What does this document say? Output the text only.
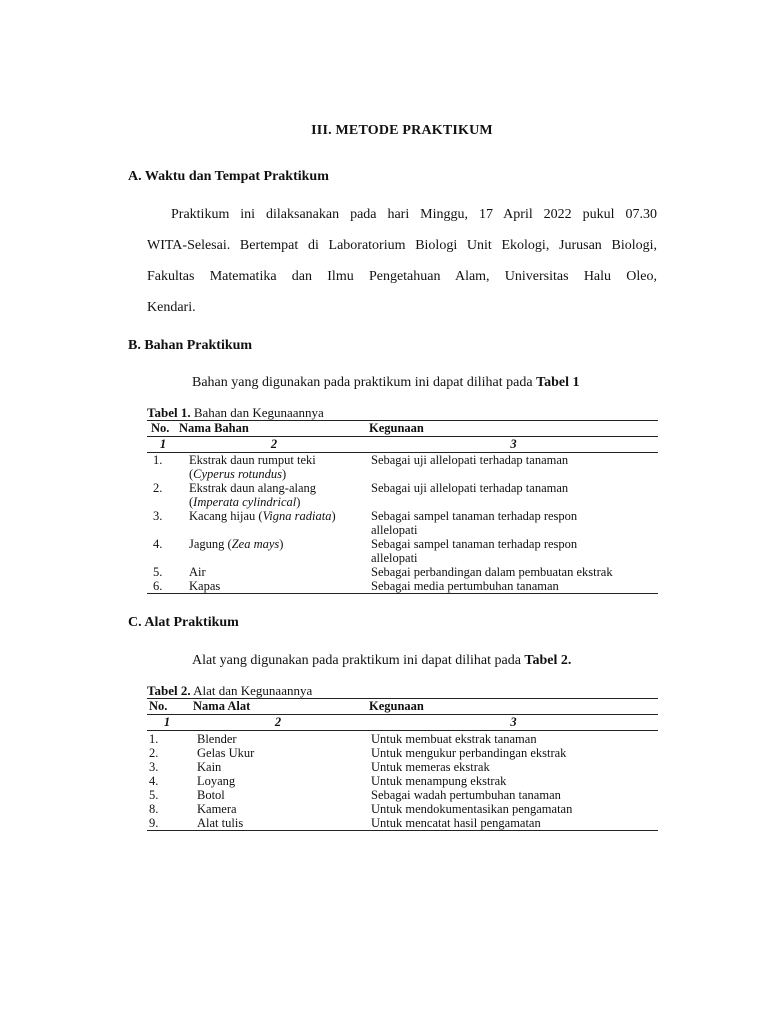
III. METODE PRAKTIKUM
A. Waktu dan Tempat Praktikum
Praktikum ini dilaksanakan pada hari Minggu, 17 April 2022 pukul 07.30
WITA-Selesai. Bertempat di Laboratorium Biologi Unit Ekologi, Jurusan Biologi,
Fakultas Matematika dan Ilmu Pengetahuan Alam, Universitas Halu Oleo,
Kendari.
B. Bahan Praktikum
Bahan yang digunakan pada praktikum ini dapat dilihat pada Tabel 1
Tabel 1. Bahan dan Kegunaannya
No.	Nama Bahan	Kegunaan
1	2	3
1.	Ekstrak daun rumput teki
(Cyperus rotundus)	Sebagai uji allelopati terhadap tanaman
2.	Ekstrak daun alang-alang
(Imperata cylindrical)	Sebagai uji allelopati terhadap tanaman
3.	Kacang hijau (Vigna radiata)	Sebagai sampel tanaman terhadap respon
allelopati
4.	Jagung (Zea mays)	Sebagai sampel tanaman terhadap respon
allelopati
5.	Air	Sebagai perbandingan dalam pembuatan ekstrak
6.	Kapas	Sebagai media pertumbuhan tanaman
C. Alat Praktikum
Alat yang digunakan pada praktikum ini dapat dilihat pada Tabel 2.
Tabel 2. Alat dan Kegunaannya
No.	Nama Alat	Kegunaan
1	2	3
1.	Blender	Untuk membuat ekstrak tanaman
2.	Gelas Ukur	Untuk mengukur perbandingan ekstrak
3.	Kain	Untuk memeras ekstrak
4.	Loyang	Untuk menampung ekstrak
5.	Botol	Sebagai wadah pertumbuhan tanaman
8.	Kamera	Untuk mendokumentasikan pengamatan
9.	Alat tulis	Untuk mencatat hasil pengamatan
